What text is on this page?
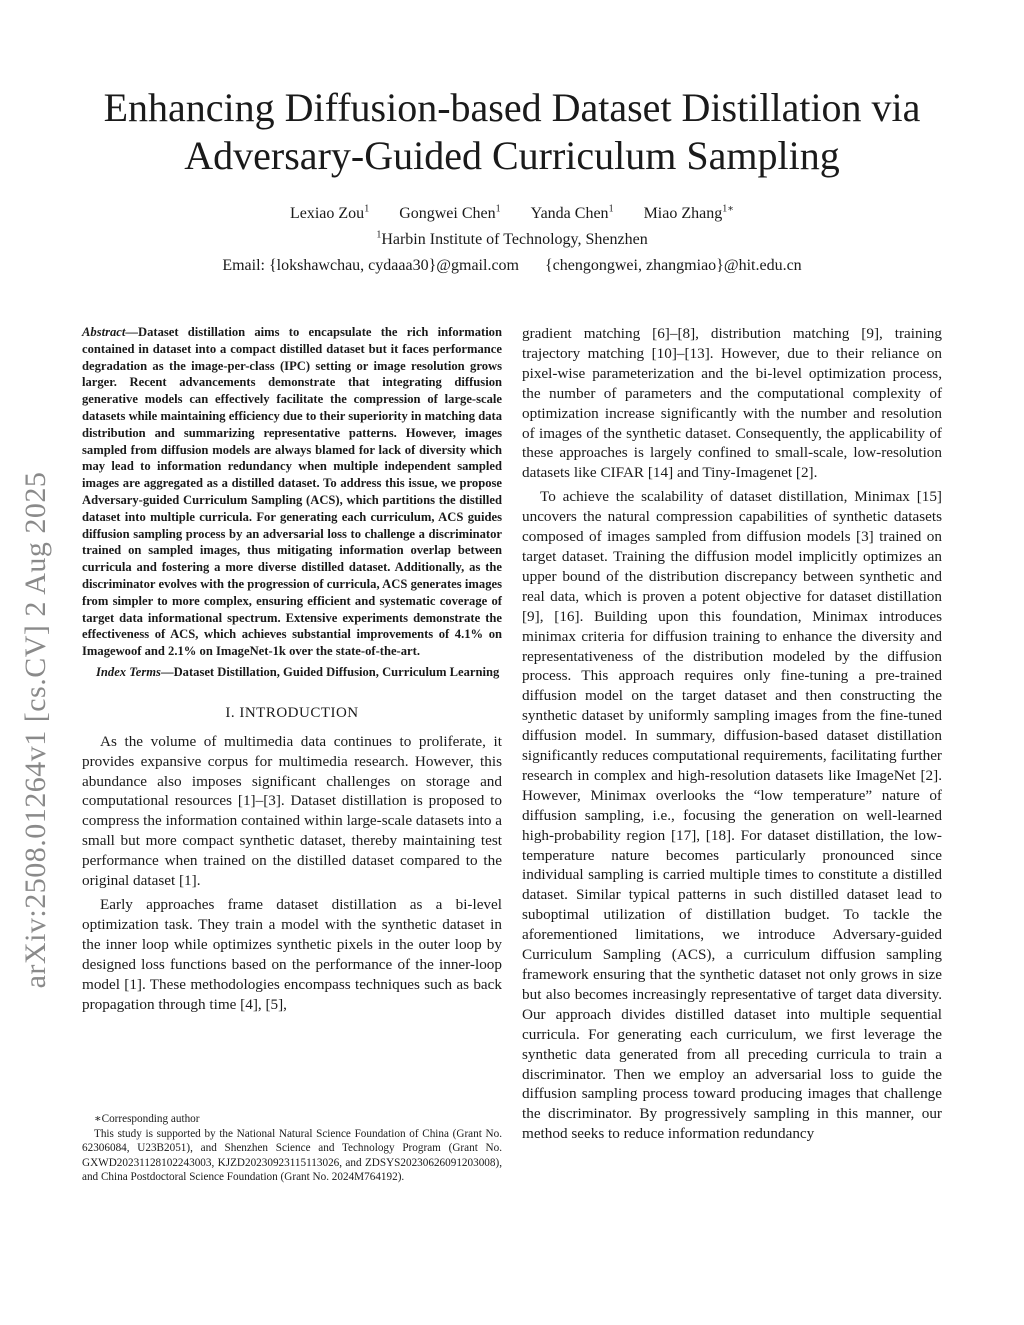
arXiv:2508.01264v1 [cs.CV] 2 Aug 2025
Enhancing Diffusion-based Dataset Distillation via
Adversary-Guided Curriculum Sampling
Lexiao Zou$^1$ Gongwei Chen$^1$ Yanda Chen$^1$ Miao Zhang$^{1∗}$
$^1$Harbin Institute of Technology, Shenzhen
Email: {lokshawchau, cydaaa30}@gmail.com {chengongwei, zhangmiao}@hit.edu.cn

Abstract—Dataset distillation aims to encapsulate the rich information contained in dataset into a compact distilled dataset but it faces performance degradation as the image-per-class (IPC) setting or image resolution grows larger. Recent advancements demonstrate that integrating diffusion generative models can effectively facilitate the compression of large-scale datasets while maintaining efficiency due to their superiority in matching data distribution and summarizing representative patterns. However, images sampled from diffusion models are always blamed for lack of diversity which may lead to information redundancy when multiple independent sampled images are aggregated as a distilled dataset. To address this issue, we propose Adversary-guided Curriculum Sampling (ACS), which partitions the distilled dataset into multiple curricula. For generating each curriculum, ACS guides diffusion sampling process by an adversarial loss to challenge a discriminator trained on sampled images, thus mitigating information overlap between curricula and fostering a more diverse distilled dataset. Additionally, as the discriminator evolves with the progression of curricula, ACS generates images from simpler to more complex, ensuring efficient and systematic coverage of target data informational spectrum. Extensive experiments demonstrate the effectiveness of ACS, which achieves substantial improvements of 4.1% on Imagewoof and 2.1% on ImageNet-1k over the state-of-the-art.

Index Terms—Dataset Distillation, Guided Diffusion, Curriculum Learning

I. INTRODUCTION

As the volume of multimedia data continues to proliferate, it provides expansive corpus for multimedia research. However, this abundance also imposes significant challenges on storage and computational resources [1]–[3]. Dataset distillation is proposed to compress the information contained within large-scale datasets into a small but more compact synthetic dataset, thereby maintaining test performance when trained on the distilled dataset compared to the original dataset [1].

Early approaches frame dataset distillation as a bi-level optimization task. They train a model with the synthetic dataset in the inner loop while optimizes synthetic pixels in the outer loop by designed loss functions based on the performance of the inner-loop model [1]. These methodologies encompass techniques such as back propagation through time [4], [5],

∗Corresponding author

This study is supported by the National Natural Science Foundation of China (Grant No. 62306084, U23B2051), and Shenzhen Science and Technology Program (Grant No. GXWD20231128102243003, KJZD20230923115113026, and ZDSYS20230626091203008), and China Postdoctoral Science Foundation (Grant No. 2024M764192).

gradient matching [6]–[8], distribution matching [9], training trajectory matching [10]–[13]. However, due to their reliance on pixel-wise parameterization and the bi-level optimization process, the number of parameters and the computational complexity of optimization increase significantly with the number and resolution of images of the synthetic dataset. Consequently, the applicability of these approaches is largely confined to small-scale, low-resolution datasets like CIFAR [14] and Tiny-Imagenet [2].

To achieve the scalability of dataset distillation, Minimax [15] uncovers the natural compression capabilities of synthetic datasets composed of images sampled from diffusion models [3] trained on target dataset. Training the diffusion model implicitly optimizes an upper bound of the distribution discrepancy between synthetic and real data, which is proven a potent objective for dataset distillation [9], [16]. Building upon this foundation, Minimax introduces minimax criteria for diffusion training to enhance the diversity and representativeness of the distribution modeled by the diffusion process. This approach requires only fine-tuning a pre-trained diffusion model on the target dataset and then constructing the synthetic dataset by uniformly sampling images from the fine-tuned diffusion model. In summary, diffusion-based dataset distillation significantly reduces computational requirements, facilitating further research in complex and high-resolution datasets like ImageNet [2]. However, Minimax overlooks the “low temperature” nature of diffusion sampling, i.e., focusing the generation on well-learned high-probability region [17], [18]. For dataset distillation, the low-temperature nature becomes particularly pronounced since individual sampling is carried multiple times to constitute a distilled dataset. Similar typical patterns in such distilled dataset lead to suboptimal utilization of distillation budget. To tackle the aforementioned limitations, we introduce Adversary-guided Curriculum Sampling (ACS), a curriculum diffusion sampling framework ensuring that the synthetic dataset not only grows in size but also becomes increasingly representative of target data diversity. Our approach divides distilled dataset into multiple sequential curricula. For generating each curriculum, we first leverage the synthetic data generated from all preceding curricula to train a discriminator. Then we employ an adversarial loss to guide the diffusion sampling process toward producing images that challenge the discriminator. By progressively sampling in this manner, our method seeks to reduce information redundancy
